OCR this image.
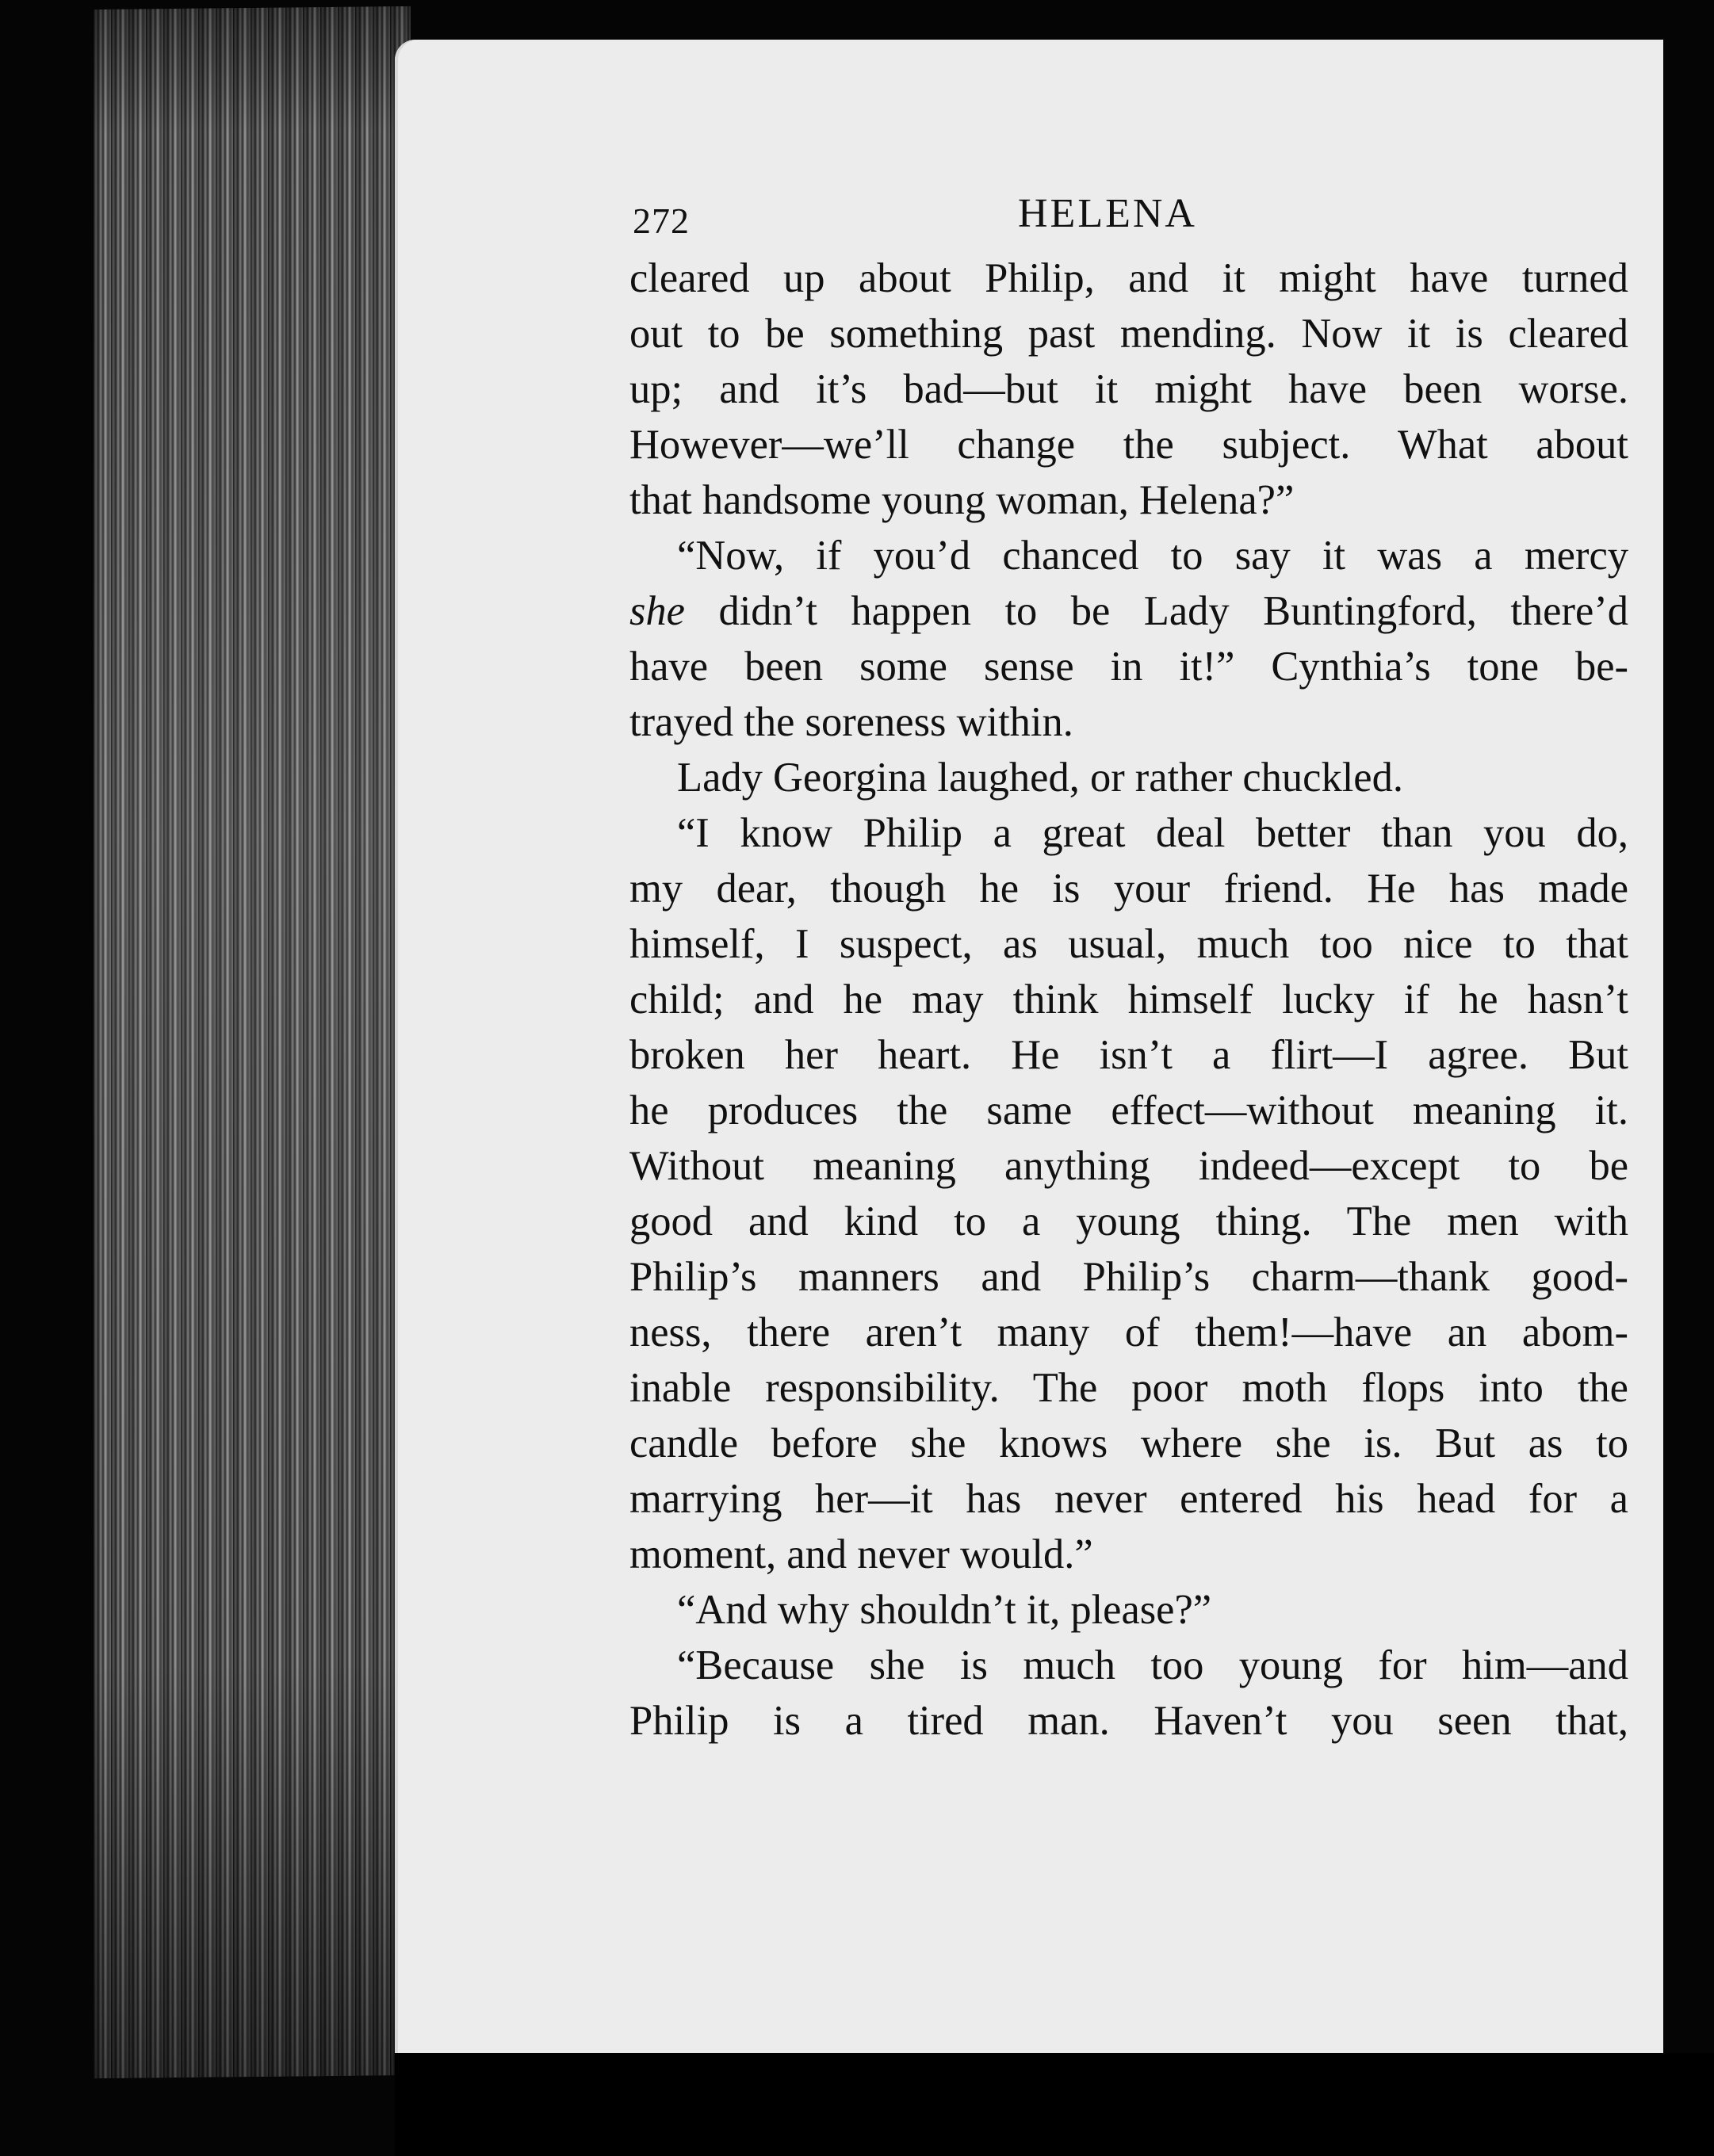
272	HELENA
cleared up about Philip, and it might have turned
out to be something past mending. Now it is cleared
up; and it’s bad—but it might have been worse.
However—we’ll change the subject. What about
that handsome young woman, Helena?”
“Now, if you’d chanced to say it was a mercy
she didn’t happen to be Lady Buntingford, there’d
have been some sense in it!” Cynthia’s tone be-
trayed the soreness within.
Lady Georgina laughed, or rather chuckled.
“I know Philip a great deal better than you do,
my dear, though he is your friend. He has made
himself, I suspect, as usual, much too nice to that
child; and he may think himself lucky if he hasn’t
broken her heart. He isn’t a flirt—I agree. But
he produces the same effect—without meaning it.
Without meaning anything indeed—except to be
good and kind to a young thing. The men with
Philip’s manners and Philip’s charm—thank good-
ness, there aren’t many of them!—have an abom-
inable responsibility. The poor moth flops into the
candle before she knows where she is. But as to
marrying her—it has never entered his head for a
moment, and never would.”
“And why shouldn’t it, please?”
“Because she is much too young for him—and
Philip is a tired man. Haven’t you seen that,
